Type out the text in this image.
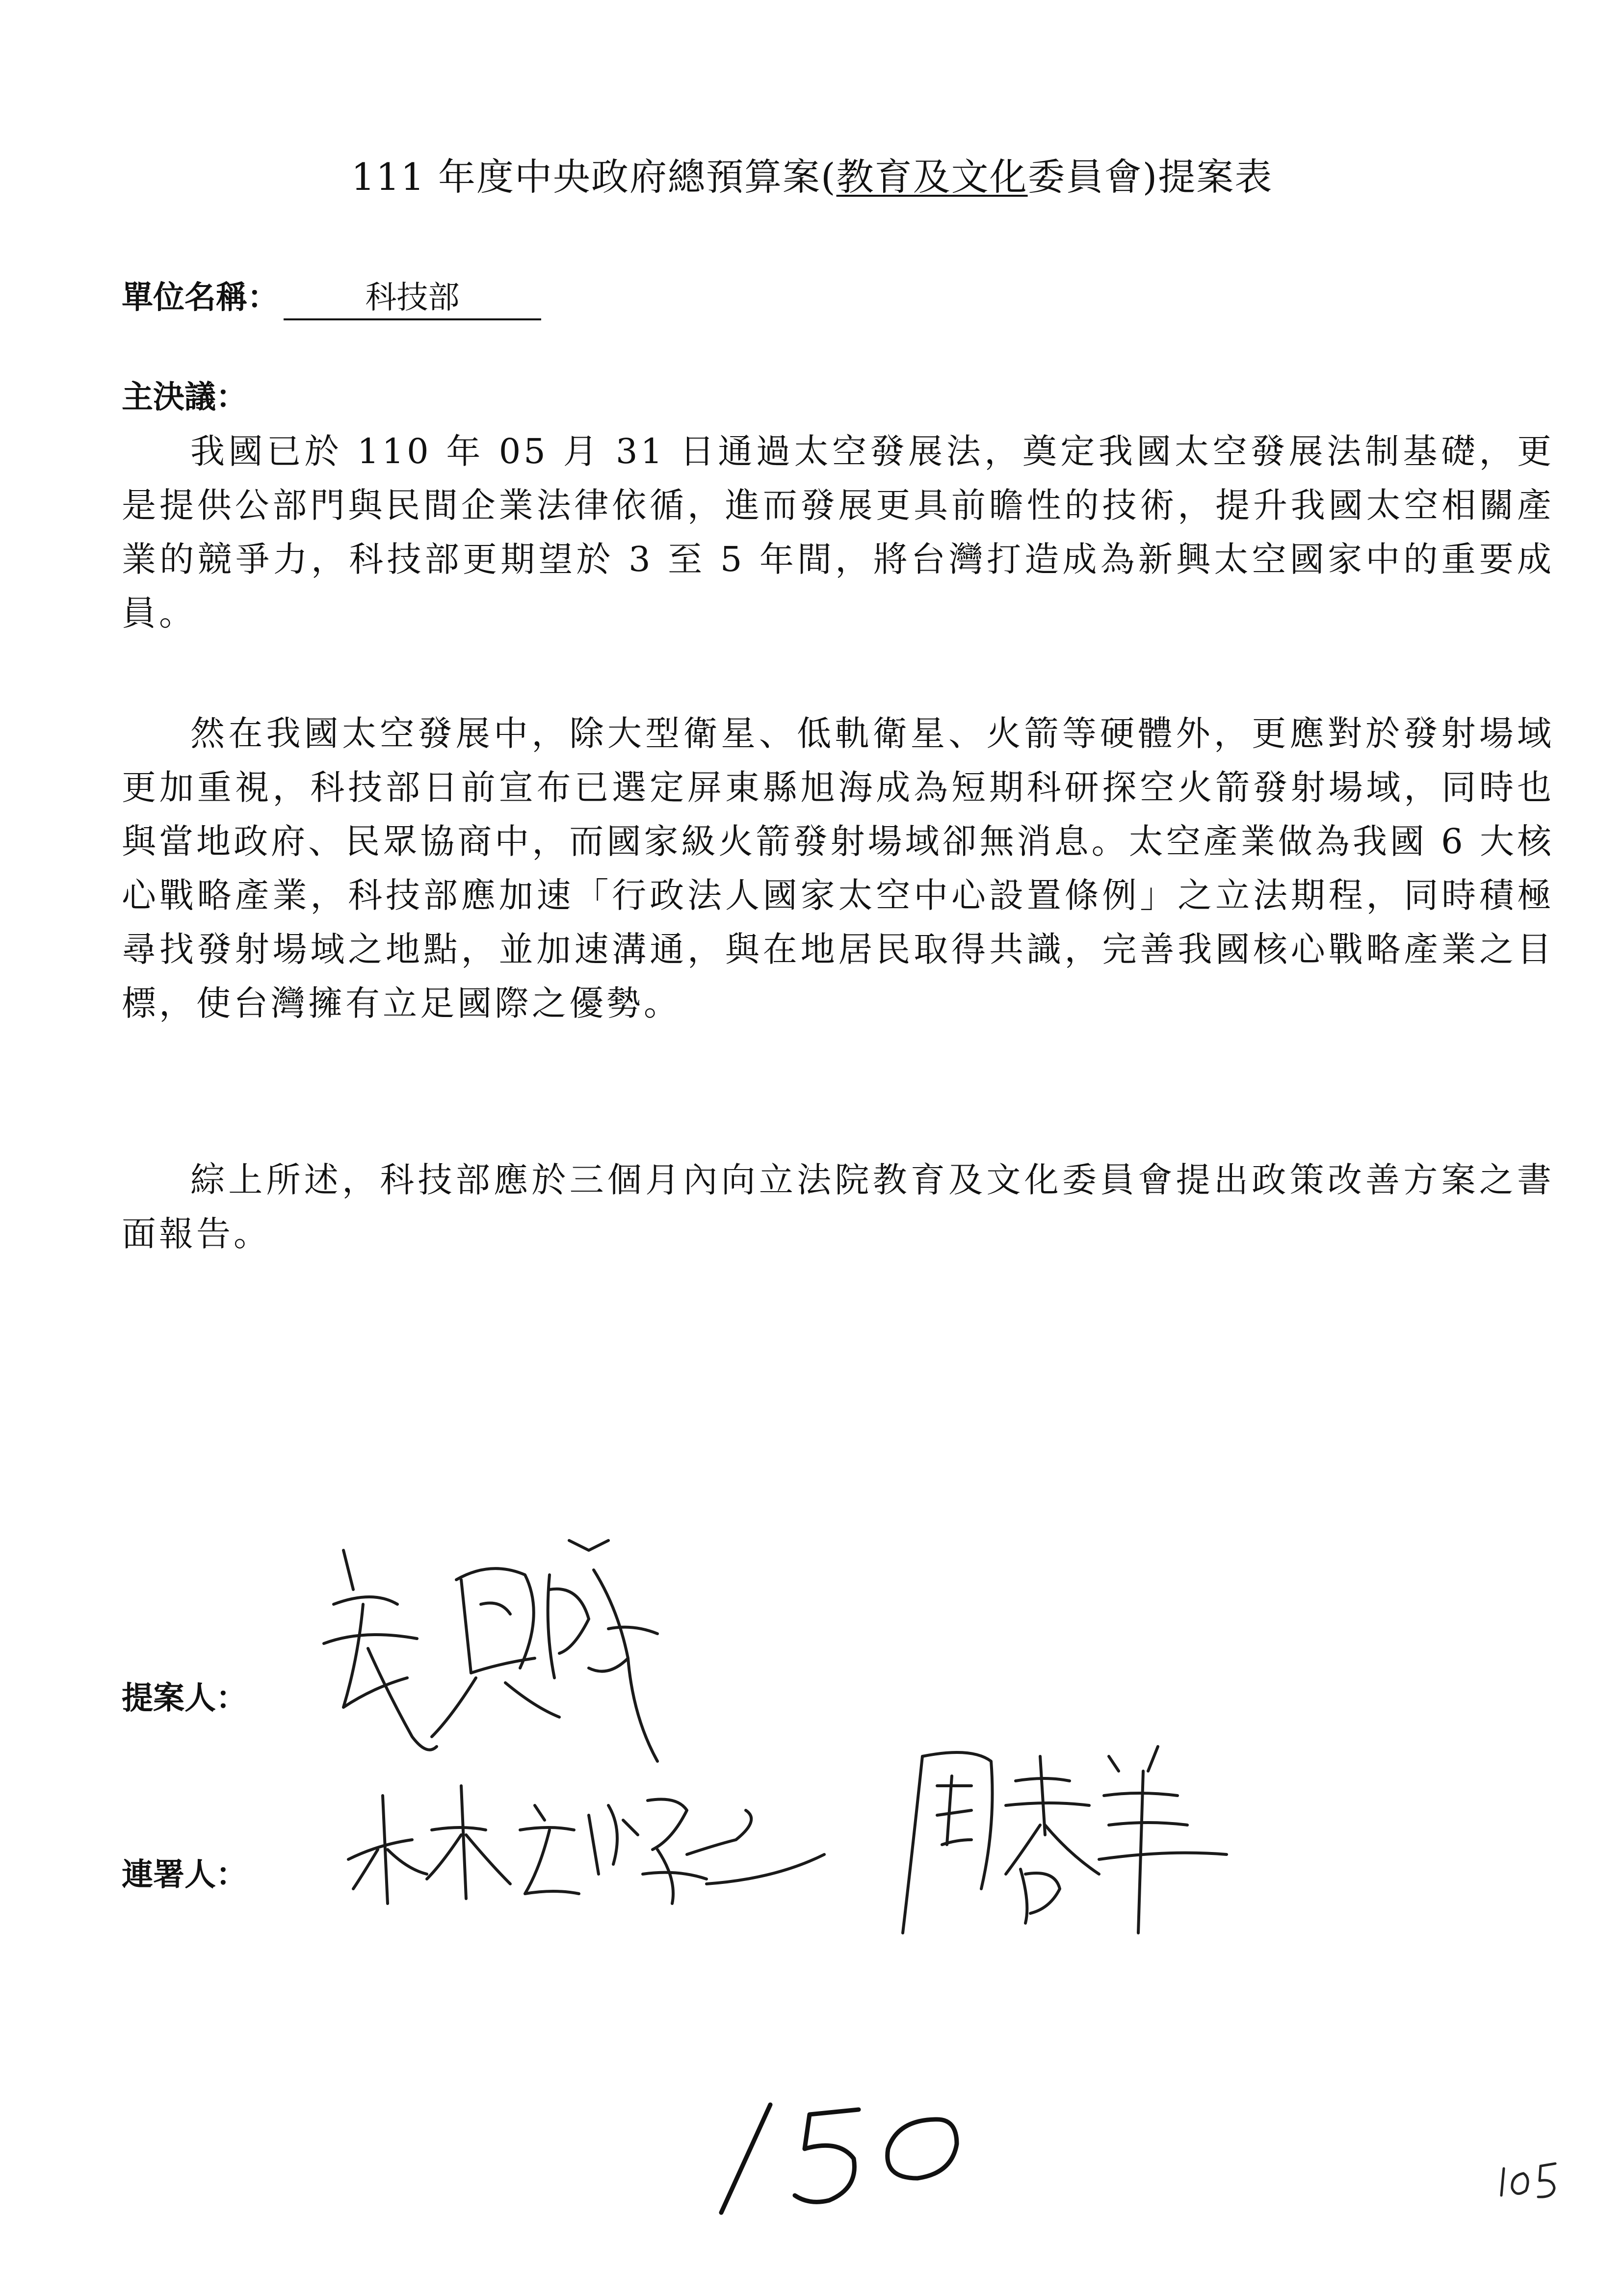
111 年度中央政府總預算案(教育及文化委員會)提案表
單位名稱：	科技部
主決議：

我國已於 110 年 05 月 31 日通過太空發展法，奠定我國太空發展法制基礎，更是提供公部門與民間企業法律依循，進而發展更具前瞻性的技術，提升我國太空相關產業的競爭力，科技部更期望於 3 至 5 年間，將台灣打造成為新興太空國家中的重要成員。

然在我國太空發展中，除大型衛星、低軌衛星、火箭等硬體外，更應對於發射場域更加重視，科技部日前宣布已選定屏東縣旭海成為短期科研探空火箭發射場域，同時也與當地政府、民眾協商中，而國家級火箭發射場域卻無消息。太空產業做為我國 6 大核心戰略產業，科技部應加速「行政法人國家太空中心設置條例」之立法期程，同時積極尋找發射場域之地點，並加速溝通，與在地居民取得共識，完善我國核心戰略產業之目標，使台灣擁有立足國際之優勢。

綜上所述，科技部應於三個月內向立法院教育及文化委員會提出政策改善方案之書面報告。

提案人：
連署人：
150
105
